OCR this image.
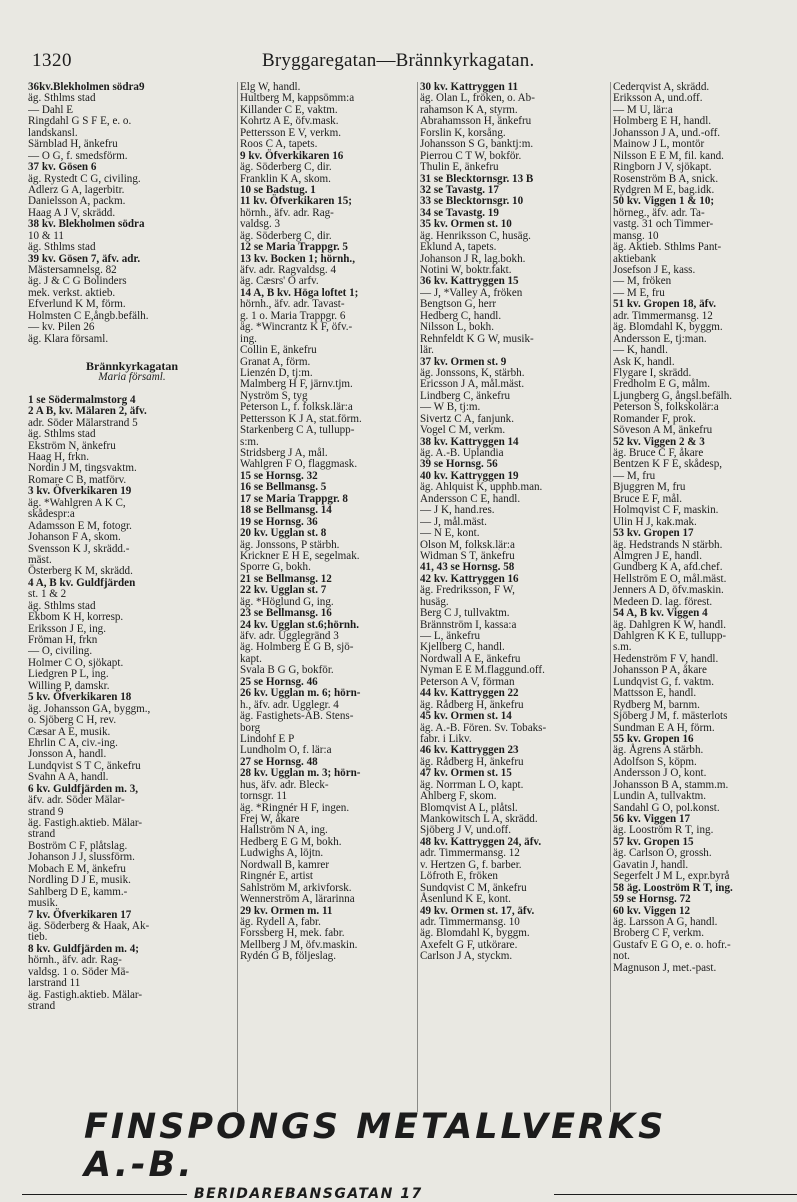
1320	Bryggaregatan—Brännkyrkagatan.
36kv.Blekholmen södra9
äg. Sthlms stad
— Dahl E
Ringdahl G S F E, e. o.
landskansl.
Särnblad H, änkefru
— O G, f. smedsförm.
37 kv. Gösen 6
äg. Rystedt C G, civiling.
Adlerz G A, lagerbitr.
Danielsson A, packm.
Haag A J V, skrädd.
38 kv. Blekholmen södra
10 & 11
äg. Sthlms stad
39 kv. Gösen 7, äfv. adr.
Mästersamnelsg. 82
äg. J & C G Bolinders
mek. verkst. aktieb.
Efverlund K M, förm.
Holmsten C E,ångb.befälh.
— kv. Pilen 26
äg. Klara församl.
Brännkyrkagatan
Maria församl.
1 se Södermalmstorg 4
2 A B, kv. Mälaren 2, äfv.
adr. Söder Mälarstrand 5
äg. Sthlms stad
Ekström N, änkefru
Haag H, frkn.
Nordin J M, tingsvaktm.
Romare C B, matförv.
3 kv. Öfverkikaren 19
äg. *Wahlgren A K C,
skådespr:a
Adamsson E M, fotogr.
Johanson F A, skom.
Svensson K J, skrädd.-
mäst.
Österberg K M, skrädd.
4 A, B kv. Guldfjärden
st. 1 & 2
äg. Sthlms stad
Ekbom K H, korresp.
Eriksson J E, ing.
Fröman H, frkn
— O, civiling.
Holmer C O, sjökapt.
Liedgren P L, ing.
Willing P, damskr.
5 kv. Öfverkikaren 18
äg. Johansson GA, byggm.,
o. Sjöberg C H, rev.
Cæsar A E, musik.
Ehrlin C A, civ.-ing.
Jonsson A, handl.
Lundqvist S T C, änkefru
Svahn A A, handl.
6 kv. Guldfjärden m. 3,
äfv. adr. Söder Mälar-
strand 9
äg. Fastigh.aktieb. Mälar-
strand
Boström C F, plåtslag.
Johanson J J, slussförm.
Mobach E M, änkefru
Nordling D J E, musik.
Sahlberg D E, kamm.-
musik.
7 kv. Öfverkikaren 17
äg. Söderberg & Haak, Ak-
tieb.
8 kv. Guldfjärden m. 4;
hörnh., äfv. adr. Rag-
valdsg. 1 o. Söder Mä-
larstrand 11
äg. Fastigh.aktieb. Mälar-
strand
Elg W, handl.
Hultberg M, kappsömm:a
Killander C E, vaktm.
Kohrtz A E, öfv.mask.
Pettersson E V, verkm.
Roos C A, tapets.
9 kv. Öfverkikaren 16
äg. Söderberg C, dir.
Franklin K A, skom.
10 se Badstug. 1
11 kv. Öfverkikaren 15;
hörnh., äfv. adr. Rag-
valdsg. 3
äg. Söderberg C, dir.
12 se Maria Trappgr. 5
13 kv. Bocken 1; hörnh.,
äfv. adr. Ragvaldsg. 4
äg. Cæsrs' O arfv.
14 A, B kv. Höga loftet 1;
hörnh., äfv. adr. Tavast-
g. 1 o. Maria Trappgr. 6
äg. *Wincrantz K F, öfv.-
ing.
Collin E, änkefru
Granat A, förm.
Lienzén D, tj:m.
Malmberg H F, järnv.tjm.
Nyström S, tyg
Peterson L, f. folksk.lär:a
Pettersson K J A, stat.förm.
Starkenberg C A, tullupp-
s:m.
Stridsberg J A, mål.
Wahlgren F O, flaggmask.
15 se Hornsg. 32
16 se Bellmansg. 5
17 se Maria Trappgr. 8
18 se Bellmansg. 14
19 se Hornsg. 36
20 kv. Ugglan st. 8
äg. Jonssons, P stärbh.
Krickner E H E, segelmak.
Sporre G, bokh.
21 se Bellmansg. 12
22 kv. Ugglan st. 7
äg. *Höglund G, ing.
23 se Bellmansg. 16
24 kv. Ugglan st.6;hörnh.
äfv. adr. Ugglegränd 3
äg. Holmberg E G B, sjö-
kapt.
Svala B G G, bokför.
25 se Hornsg. 46
26 kv. Ugglan m. 6; hörn-
h., äfv. adr. Ugglegr. 4
äg. Fastighets-AB. Stens-
borg
Lindohf E P
Lundholm O, f. lär:a
27 se Hornsg. 48
28 kv. Ugglan m. 3; hörn-
hus, äfv. adr. Bleck-
tornsgr. 11
äg. *Ringnér H F, ingen.
Frej W, åkare
Hallström N A, ing.
Hedberg E G M, bokh.
Ludwighs A, löjtn.
Nordwall B, kamrer
Ringnér E, artist
Sahlström M, arkivforsk.
Wennerström A, lärarinna
29 kv. Ormen m. 11
äg. Rydell A, fabr.
Forssberg H, mek. fabr.
Mellberg J M, öfv.maskin.
Rydén G B, följeslag.
30 kv. Kattryggen 11
äg. Olan L, fröken, o. Ab-
rahamson K A, styrm.
Abrahamsson H, änkefru
Forslin K, korsång.
Johansson S G, banktj:m.
Pierrou C T W, bokför.
Thulin E, änkefru
31 se Blecktornsgr. 13 B
32 se Tavastg. 17
33 se Blecktornsgr. 10
34 se Tavastg. 19
35 kv. Ormen st. 10
äg. Henriksson C, husäg.
Eklund A, tapets.
Johanson J R, lag.bokh.
Notini W, boktr.fakt.
36 kv. Kattryggen 15
— J, *Valley A, fröken
Bengtson G, herr
Hedberg C, handl.
Nilsson L, bokh.
Rehnfeldt K G W, musik-
lär.
37 kv. Ormen st. 9
äg. Jonssons, K, stärbh.
Ericsson J A, mål.mäst.
Lindberg C, änkefru
— W B, tj:m.
Sivertz C A, fanjunk.
Vogel C M, verkm.
38 kv. Kattryggen 14
äg. A.-B. Uplandia
39 se Hornsg. 56
40 kv. Kattryggen 19
äg. Ahlquist K, upphb.man.
Andersson C E, handl.
— J K, hand.res.
— J, mål.mäst.
— N E, kont.
Olson M, folksk.lär:a
Widman S T, änkefru
41, 43 se Hornsg. 58
42 kv. Kattryggen 16
äg. Fredriksson, F W,
husäg.
Berg C J, tullvaktm.
Brännström I, kassa:a
— L, änkefru
Kjellberg C, handl.
Nordwall A E, änkefru
Nyman E E M.flaggund.off.
Peterson A V, förman
44 kv. Kattryggen 22
äg. Rådberg H, änkefru
45 kv. Ormen st. 14
äg. A.-B. Fören. Sv. Tobaks-
fabr. i Likv.
46 kv. Kattryggen 23
äg. Rådberg H, änkefru
47 kv. Ormen st. 15
äg. Norrman L O, kapt.
Ahlberg F, skom.
Blomqvist A L, plåtsl.
Mankowitsch L A, skrädd.
Sjöberg J V, und.off.
48 kv. Kattryggen 24, äfv.
adr. Timmermansg. 12
v. Hertzen G, f. barber.
Löfroth E, fröken
Sundqvist C M, änkefru
Åsenlund K E, kont.
49 kv. Ormen st. 17, äfv.
adr. Timmermansg. 10
äg. Blomdahl K, byggm.
Axefelt G F, utkörare.
Carlson J A, styckm.
Cederqvist A, skrädd.
Eriksson A, und.off.
— M U, lär:a
Holmberg E H, handl.
Johansson J A, und.-off.
Mainow J L, montör
Nilsson E E M, fil. kand.
Ringborn J V, sjökapt.
Rosenström B A, snick.
Rydgren M E, bag.idk.
50 kv. Viggen 1 & 10;
hörneg., äfv. adr. Ta-
vastg. 31 och Timmer-
mansg. 10
äg. Aktieb. Sthlms Pant-
aktiebank
Josefson J E, kass.
— M, fröken
— M E, fru
51 kv. Gropen 18, äfv.
adr. Timmermansg. 12
äg. Blomdahl K, byggm.
Andersson E, tj:man.
— K, handl.
Ask K, handl.
Flygare I, skrädd.
Fredholm E G, målm.
Ljungberg G, ångsl.befälh.
Peterson S, folkskolär:a
Romander F, prok.
Söveson A M, änkefru
52 kv. Viggen 2 & 3
äg. Bruce C F, åkare
Bentzen K F E, skådesp,
— M, fru
Bjuggren M, fru
Bruce E F, mål.
Holmqvist C F, maskin.
Ulin H J, kak.mak.
53 kv. Gropen 17
äg. Hedstrands N stärbh.
Almgren J E, handl.
Gundberg K A, afd.chef.
Hellström E O, mål.mäst.
Jenners A D, öfv.maskin.
Medeen D. lag. förest.
54 A, B kv. Viggen 4
äg. Dahlgren K W, handl.
Dahlgren K K E, tullupp-
s.m.
Hedenström F V, handl.
Johansson P A, åkare
Lundqvist G, f. vaktm.
Mattsson E, handl.
Rydberg M, barnm.
Sjöberg J M, f. mästerlots
Sundman E A H, förm.
55 kv. Gropen 16
äg. Ågrens A stärbh.
Adolfson S, köpm.
Andersson J O, kont.
Johansson B A, stamm.m.
Lundin A, tullvaktm.
Sandahl G O, pol.konst.
56 kv. Viggen 17
äg. Looström R T, ing.
57 kv. Gropen 15
äg. Carlson O, grossh.
Gavatin J, handl.
Segerfelt J M L, expr.byrå
58 äg. Looström R T, ing.
59 se Hornsg. 72
60 kv. Viggen 12
äg. Larsson A G, handl.
Broberg C F, verkm.
Gustafv E G O, e. o. hofr.-
not.
Magnuson J, met.-past.
FINSPONGS METALLVERKS A.-B.
BERIDAREBANSGATAN 17
